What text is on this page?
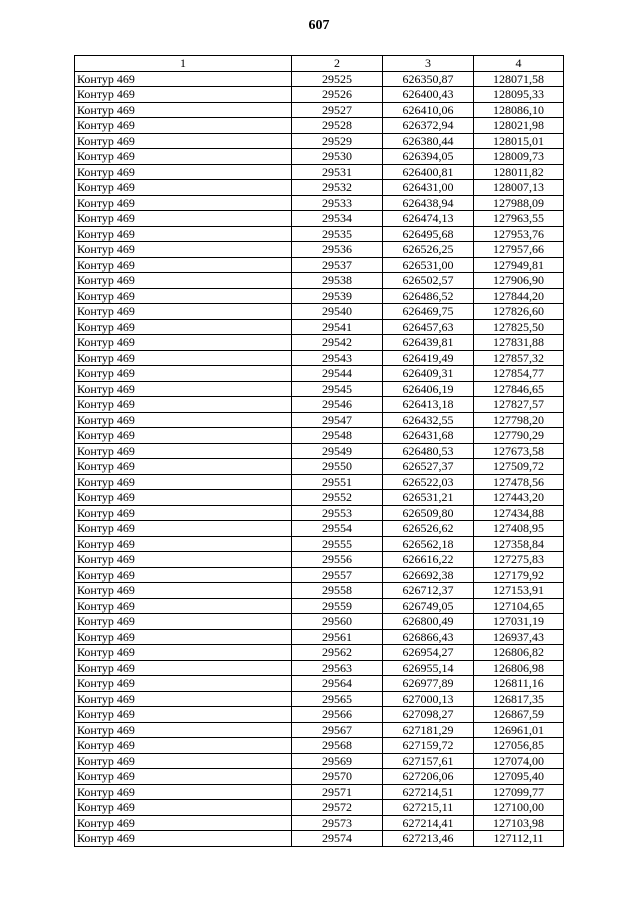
607
1	2	3	4
Контур 469	29525	626350,87	128071,58
Контур 469	29526	626400,43	128095,33
Контур 469	29527	626410,06	128086,10
Контур 469	29528	626372,94	128021,98
Контур 469	29529	626380,44	128015,01
Контур 469	29530	626394,05	128009,73
Контур 469	29531	626400,81	128011,82
Контур 469	29532	626431,00	128007,13
Контур 469	29533	626438,94	127988,09
Контур 469	29534	626474,13	127963,55
Контур 469	29535	626495,68	127953,76
Контур 469	29536	626526,25	127957,66
Контур 469	29537	626531,00	127949,81
Контур 469	29538	626502,57	127906,90
Контур 469	29539	626486,52	127844,20
Контур 469	29540	626469,75	127826,60
Контур 469	29541	626457,63	127825,50
Контур 469	29542	626439,81	127831,88
Контур 469	29543	626419,49	127857,32
Контур 469	29544	626409,31	127854,77
Контур 469	29545	626406,19	127846,65
Контур 469	29546	626413,18	127827,57
Контур 469	29547	626432,55	127798,20
Контур 469	29548	626431,68	127790,29
Контур 469	29549	626480,53	127673,58
Контур 469	29550	626527,37	127509,72
Контур 469	29551	626522,03	127478,56
Контур 469	29552	626531,21	127443,20
Контур 469	29553	626509,80	127434,88
Контур 469	29554	626526,62	127408,95
Контур 469	29555	626562,18	127358,84
Контур 469	29556	626616,22	127275,83
Контур 469	29557	626692,38	127179,92
Контур 469	29558	626712,37	127153,91
Контур 469	29559	626749,05	127104,65
Контур 469	29560	626800,49	127031,19
Контур 469	29561	626866,43	126937,43
Контур 469	29562	626954,27	126806,82
Контур 469	29563	626955,14	126806,98
Контур 469	29564	626977,89	126811,16
Контур 469	29565	627000,13	126817,35
Контур 469	29566	627098,27	126867,59
Контур 469	29567	627181,29	126961,01
Контур 469	29568	627159,72	127056,85
Контур 469	29569	627157,61	127074,00
Контур 469	29570	627206,06	127095,40
Контур 469	29571	627214,51	127099,77
Контур 469	29572	627215,11	127100,00
Контур 469	29573	627214,41	127103,98
Контур 469	29574	627213,46	127112,11
